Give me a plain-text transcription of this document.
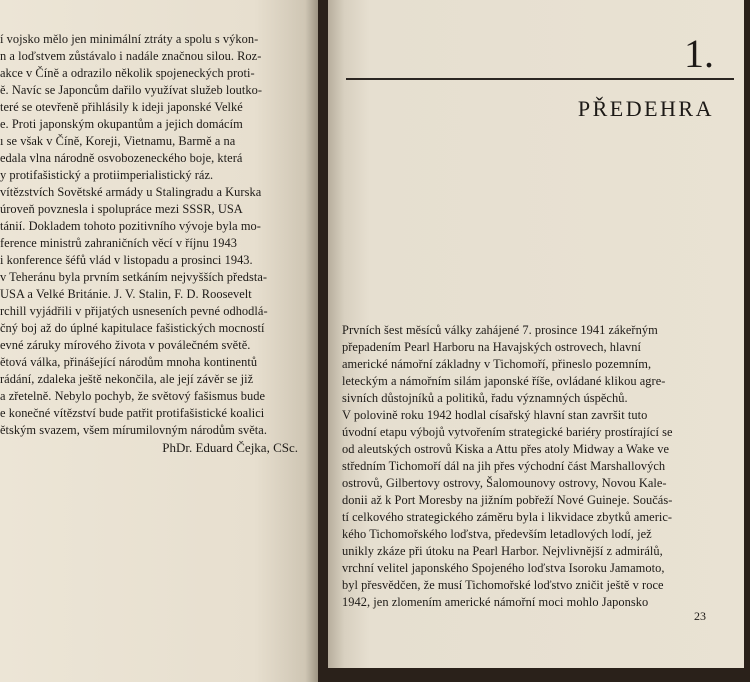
í vojsko mělo jen minimální ztráty a spolu s výkon-
n a loďstvem zůstávalo i nadále značnou silou. Roz-
akce v Číně a odrazilo několik spojeneckých proti-
ě. Navíc se Japoncům dařilo využívat služeb loutko-
teré se otevřeně přihlásily k ideji japonské Velké
e. Proti japonským okupantům a jejich domácím
ı se však v Číně, Koreji, Vietnamu, Barmě a na
edala vlna národně osvobozeneckého boje, která
y protifašistický a protiimperialistický ráz.
vítězstvích Sovětské armády u Stalingradu a Kurska
úroveň povznesla i spolupráce mezi SSSR, USA
tánií. Dokladem tohoto pozitivního vývoje byla mo-
ference ministrů zahraničních věcí v říjnu 1943
i konference šéfů vlád v listopadu a prosinci 1943.
v Teheránu byla prvním setkáním nejvyšších předsta-
USA a Velké Británie. J. V. Stalin, F. D. Roosevelt
rchill vyjádřili v přijatých usneseních pevné odhodlá-
čný boj až do úplné kapitulace fašistických mocností
evné záruky mírového života v poválečném světě.
ětová válka, přinášející národům mnoha kontinentů
rádání, zdaleka ještě nekončila, ale její závěr se již
a zřetelně. Nebylo pochyb, že světový fašismus bude
e konečné vítězství bude patřit protifašistické koalici
ětským svazem, všem mírumilovným národům světa.
PhDr. Eduard Čejka, CSc.
1.
PŘEDEHRA
Prvních šest měsíců války zahájené 7. prosince 1941 zákeřným
přepadením Pearl Harboru na Havajských ostrovech, hlavní
americké námořní základny v Tichomoří, přineslo pozemním,
leteckým a námořním silám japonské říše, ovládané klikou agre-
sivních důstojníků a politiků, řadu významných úspěchů.
V polovině roku 1942 hodlal císařský hlavní stan završit tuto
úvodní etapu výbojů vytvořením strategické bariéry prostírající se
od aleutských ostrovů Kiska a Attu přes atoly Midway a Wake ve
středním Tichomoří dál na jih přes východní část Marshallových
ostrovů, Gilbertovy ostrovy, Šalomounovy ostrovy, Novou Kale-
donii až k Port Moresby na jižním pobřeží Nové Guineje. Součás-
tí celkového strategického záměru byla i likvidace zbytků americ-
kého Tichomořského loďstva, především letadlových lodí, jež
unikly zkáze při útoku na Pearl Harbor. Nejvlivnější z admirálů,
vrchní velitel japonského Spojeného loďstva Isoroku Jamamoto,
byl přesvědčen, že musí Tichomořské loďstvo zničit ještě v roce
1942, jen zlomením americké námořní moci mohlo Japonsko
23
